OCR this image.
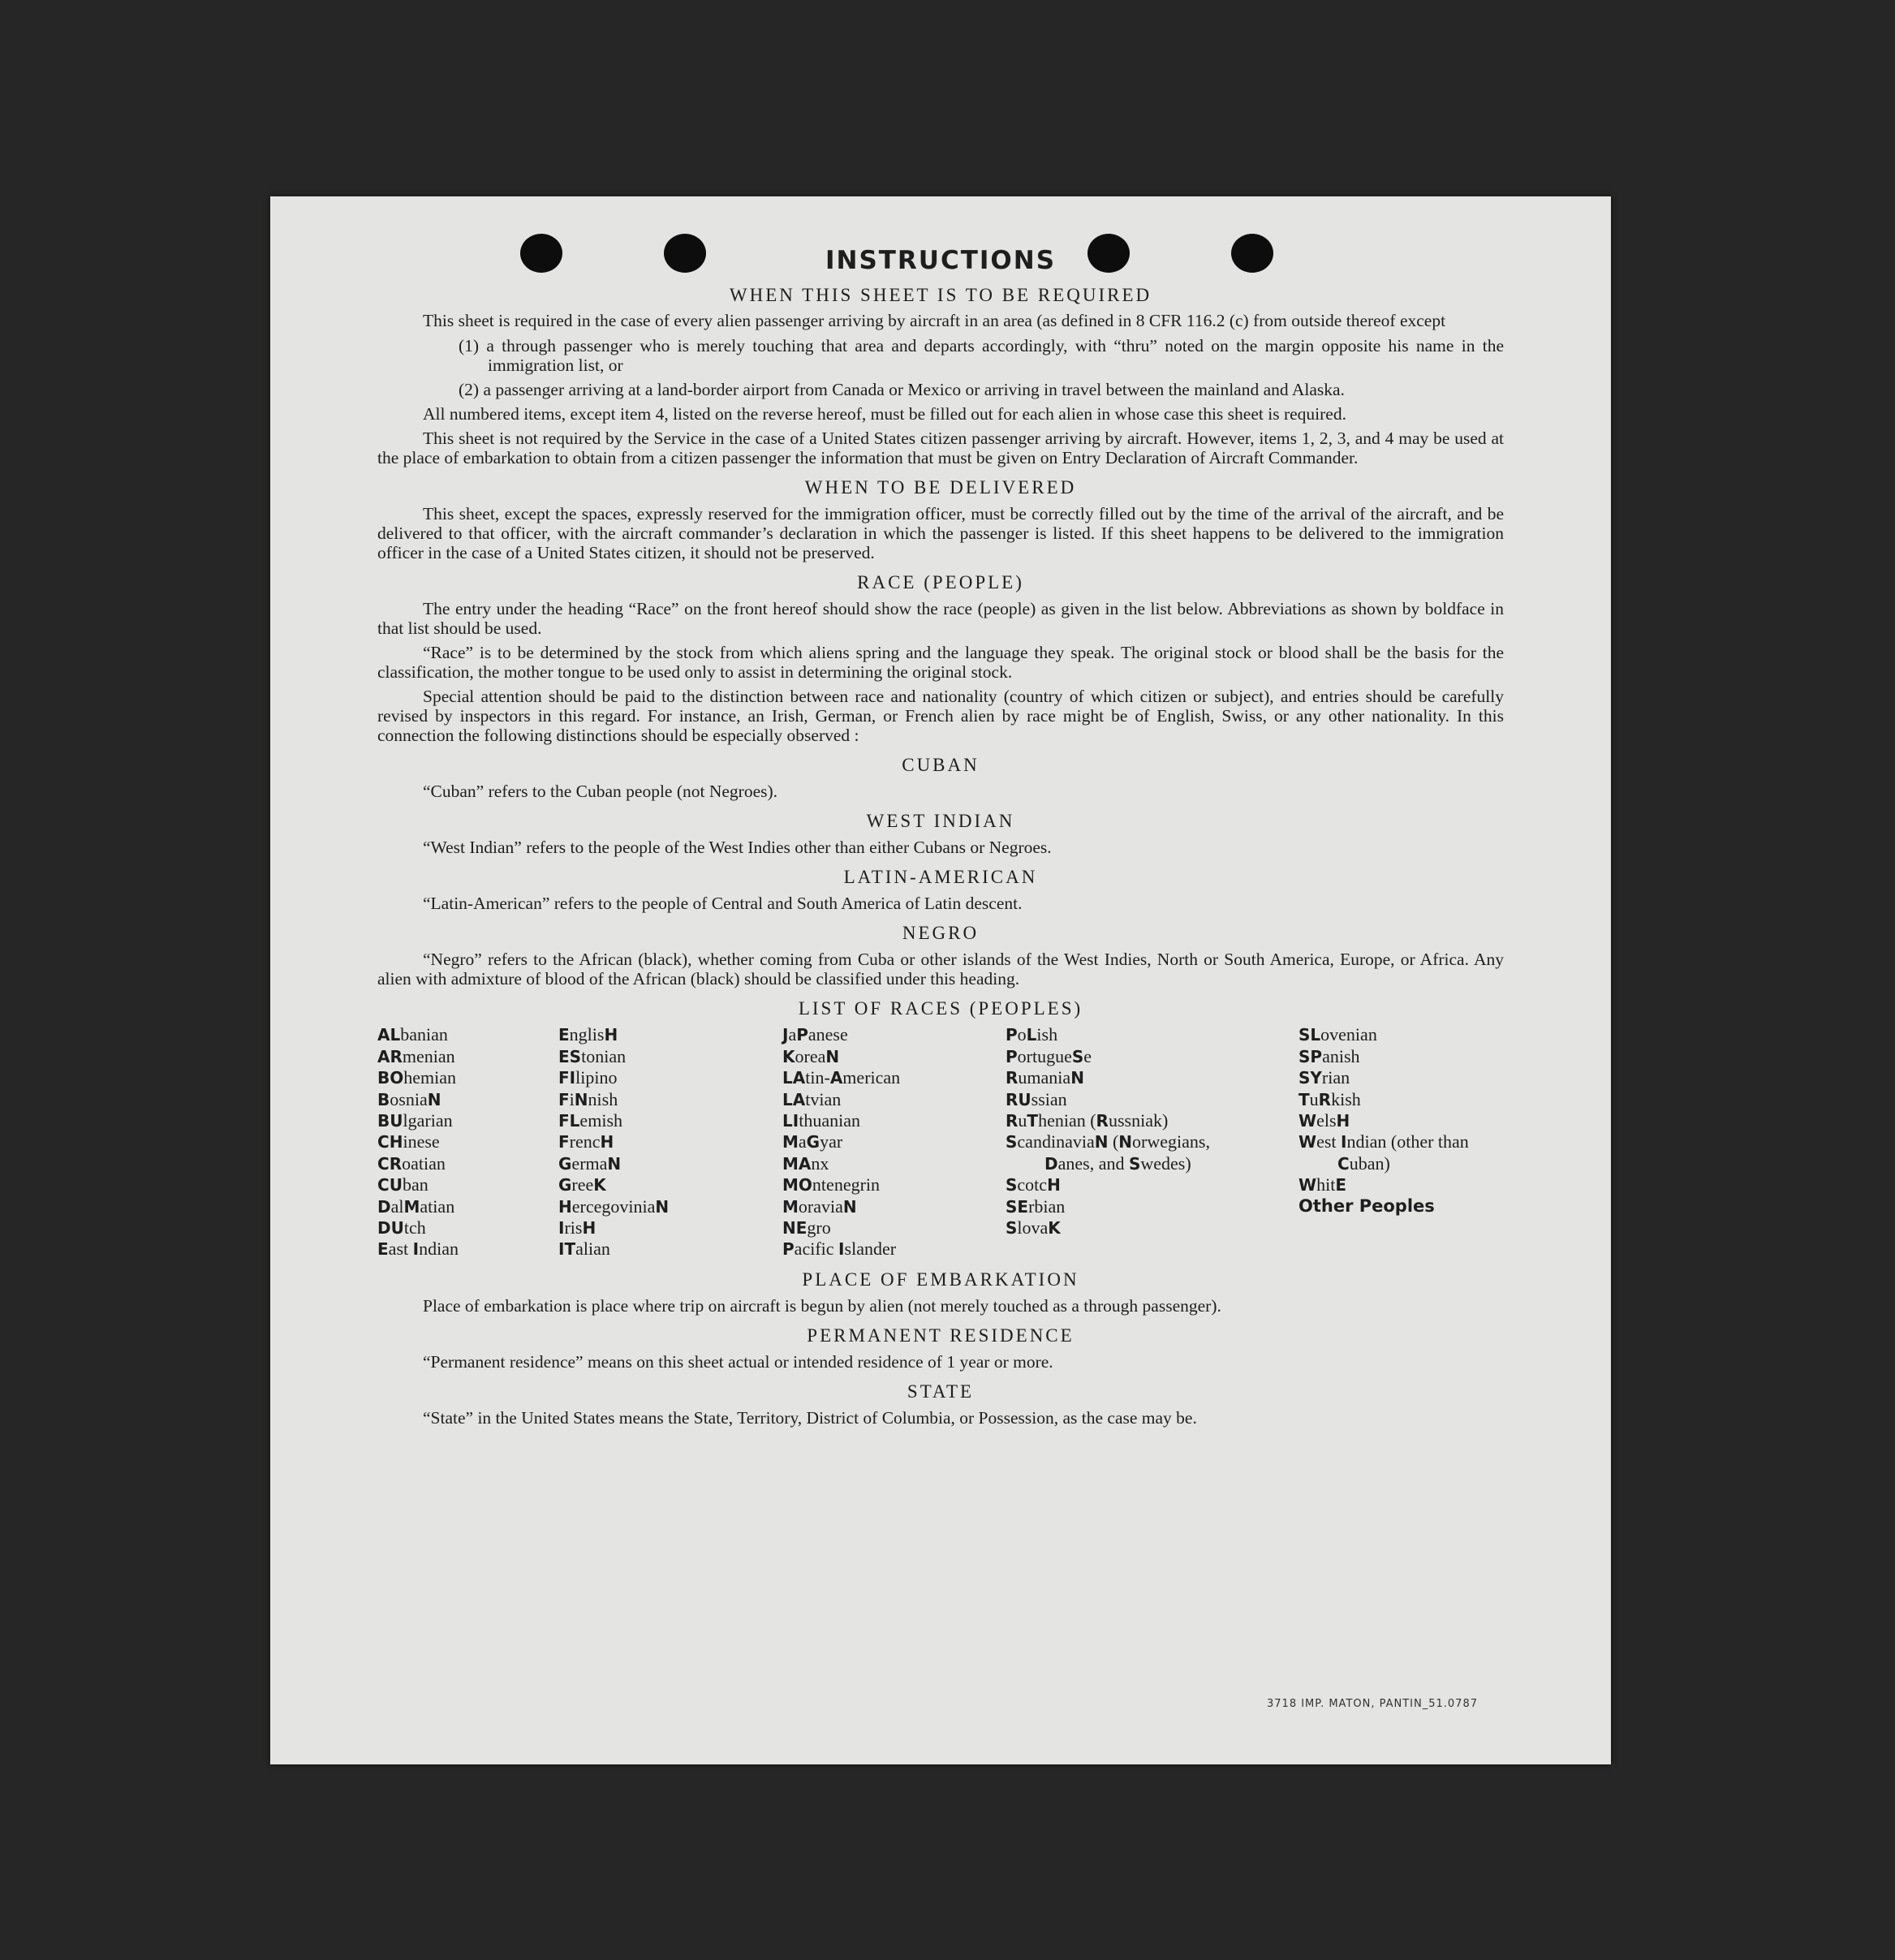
INSTRUCTIONS
WHEN THIS SHEET IS TO BE REQUIRED

This sheet is required in the case of every alien passenger arriving by aircraft in an area (as defined in 8 CFR 116.2 (c) from outside thereof except

(1) a through passenger who is merely touching that area and departs accordingly, with “thru” noted on the margin opposite his name in the immigration list, or

(2) a passenger arriving at a land-border airport from Canada or Mexico or arriving in travel between the mainland and Alaska.

All numbered items, except item 4, listed on the reverse hereof, must be filled out for each alien in whose case this sheet is required.

This sheet is not required by the Service in the case of a United States citizen passenger arriving by aircraft. However, items 1, 2, 3, and 4 may be used at the place of embarkation to obtain from a citizen passenger the information that must be given on Entry Declaration of Aircraft Commander.

WHEN TO BE DELIVERED

This sheet, except the spaces, expressly reserved for the immigration officer, must be correctly filled out by the time of the arrival of the aircraft, and be delivered to that officer, with the aircraft commander’s declaration in which the passenger is listed. If this sheet happens to be delivered to the immigration officer in the case of a United States citizen, it should not be preserved.

RACE (PEOPLE)

The entry under the heading “Race” on the front hereof should show the race (people) as given in the list below. Abbreviations as shown by boldface in that list should be used.

“Race” is to be determined by the stock from which aliens spring and the language they speak. The original stock or blood shall be the basis for the classification, the mother tongue to be used only to assist in determining the original stock.

Special attention should be paid to the distinction between race and nationality (country of which citizen or subject), and entries should be carefully revised by inspectors in this regard. For instance, an Irish, German, or French alien by race might be of English, Swiss, or any other nationality. In this connection the following distinctions should be especially observed :

CUBAN

“Cuban” refers to the Cuban people (not Negroes).

WEST INDIAN

“West Indian” refers to the people of the West Indies other than either Cubans or Negroes.

LATIN-AMERICAN

“Latin-American” refers to the people of Central and South America of Latin descent.

NEGRO

“Negro” refers to the African (black), whether coming from Cuba or other islands of the West Indies, North or South America, Europe, or Africa. Any alien with admixture of blood of the African (black) should be classified under this heading.

LIST OF RACES (PEOPLES)
ALbanian
ARmenian
BOhemian
BosniaN
BUlgarian
CHinese
CRoatian
CUban
DalMatian
DUtch
East Indian
EnglisH
EStonian
FIlipino
FiNnish
FLemish
FrencH
GermaN
GreeK
HercegoviniaN
IrisH
ITalian
JaPanese
KoreaN
LAtin-American
LAtvian
LIthuanian
MaGyar
MAnx
MOntenegrin
MoraviaN
NEgro
Pacific Islander
PoLish
PortugueSe
RumaniaN
RUssian
RuThenian (Russniak)
ScandinaviaN (Norwegians, Danes, and Swedes)
ScotcH
SErbian
SlovaK
SLovenian
SPanish
SYrian
TuRkish
WelsH
West Indian (other than Cuban)
WhitE
Other Peoples
PLACE OF EMBARKATION

Place of embarkation is place where trip on aircraft is begun by alien (not merely touched as a through passenger).

PERMANENT RESIDENCE

“Permanent residence” means on this sheet actual or intended residence of 1 year or more.

STATE

“State” in the United States means the State, Territory, District of Columbia, or Possession, as the case may be.

3718 IMP. MATON, PANTIN_51.0787
